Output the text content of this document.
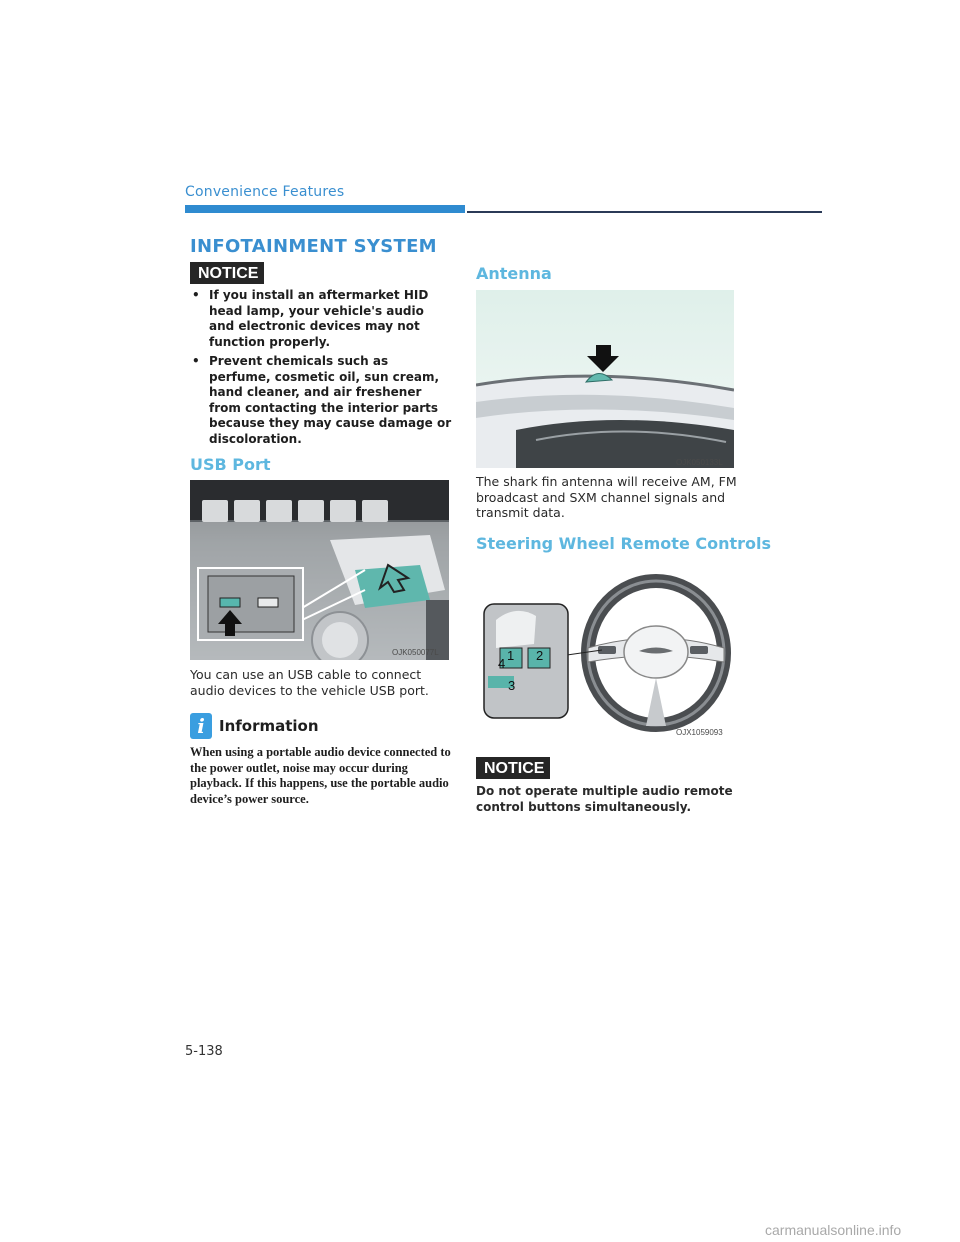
Convenience Features
INFOTAINMENT SYSTEM
NOTICE
• If you install an aftermarket HID head lamp, your vehicle's audio and electronic devices may not function properly.
• Prevent chemicals such as perfume, cosmetic oil, sun cream, hand cleaner, and air freshener from contacting the interior parts because they may cause damage or discoloration.
USB Port
OJK050077L
You can use an USB cable to connect audio devices to the vehicle USB port.
i Information
When using a portable audio device connected to the power outlet, noise may occur during playback. If this happens, use the portable audio device’s power source.
Antenna
OJK050133L
The shark fin antenna will receive AM, FM broadcast and SXM channel signals and transmit data.
Steering Wheel Remote Controls
1 2
3
4
OJX1059093
NOTICE
Do not operate multiple audio remote control buttons simultaneously.
5-138
carmanualsonline.info
